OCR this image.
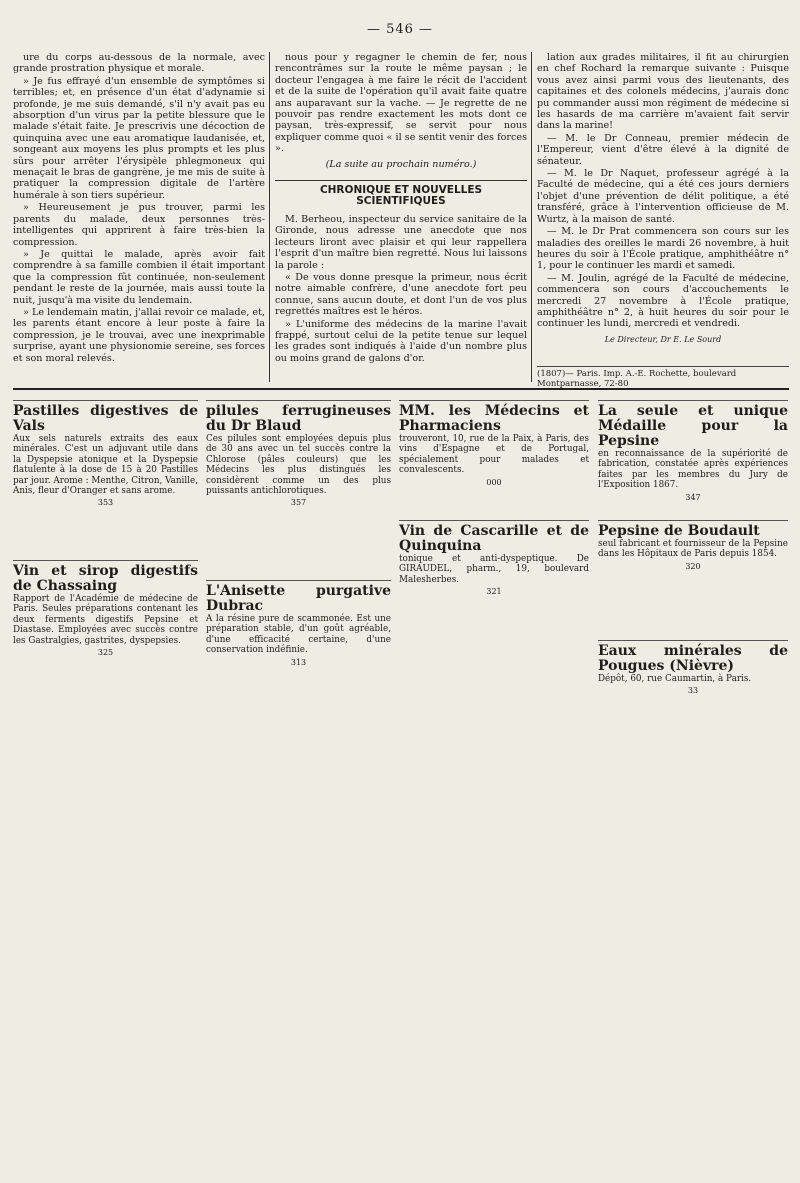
— 546 —

ure du corps au-dessous de la normale, avec grande prostration physique et morale.

» Je fus effrayé d'un ensemble de symptômes si terribles; et, en présence d'un état d'adynamie si profonde, je me suis demandé, s'il n'y avait pas eu absorption d'un virus par la petite blessure que le malade s'était faite. Je prescrivis une décoction de quinquina avec une eau aromatique laudanisée, et, songeant aux moyens les plus prompts et les plus sûrs pour arrêter l'érysipèle phlegmoneux qui menaçait le bras de gangrène, je me mis de suite à pratiquer la compression digitale de l'artère humérale à son tiers supérieur.

» Heureusement je pus trouver, parmi les parents du malade, deux personnes très-intelligentes qui apprirent à faire très-bien la compression.

» Je quittai le malade, après avoir fait comprendre à sa famille combien il était important que la compression fût continuée, non-seulement pendant le reste de la journée, mais aussi toute la nuit, jusqu'à ma visite du lendemain.

» Le lendemain matin, j'allai revoir ce malade, et, les parents étant encore à leur poste à faire la compression, je le trouvai, avec une inexprimable surprise, ayant une physionomie sereine, ses forces et son moral relevés.

nous pour y regagner le chemin de fer, nous rencontrâmes sur la route le même paysan ; le docteur l'engagea à me faire le récit de l'accident et de la suite de l'opération qu'il avait faite quatre ans auparavant sur la vache. — Je regrette de ne pouvoir pas rendre exactement les mots dont ce paysan, très-expressif, se servit pour nous expliquer comme quoi « il se sentit venir des forces ».

(La suite au prochain numéro.)
CHRONIQUE ET NOUVELLES SCIENTIFIQUES

M. Berheou, inspecteur du service sanitaire de la Gironde, nous adresse une anecdote que nos lecteurs liront avec plaisir et qui leur rappellera l'esprit d'un maître bien regretté. Nous lui laissons la parole :

« De vous donne presque la primeur, nous écrit notre aimable confrère, d'une anecdote fort peu connue, sans aucun doute, et dont l'un de vos plus regrettés maîtres est le héros.

» L'uniforme des médecins de la marine l'avait frappé, surtout celui de la petite tenue sur lequel les grades sont indiqués à l'aide d'un nombre plus ou moins grand de galons d'or.

lation aux grades militaires, il fit au chirurgien en chef Rochard la remarque suivante : Puisque vous avez ainsi parmi vous des lieutenants, des capitaines et des colonels médecins, j'aurais donc pu commander aussi mon régiment de médecine si les hasards de ma carrière m'avaient fait servir dans la marine!

— M. le Dr Conneau, premier médecin de l'Empereur, vient d'être élevé à la dignité de sénateur.

— M. le Dr Naquet, professeur agrégé à la Faculté de médecine, qui a été ces jours derniers l'objet d'une prévention de délit politique, a été transféré, grâce à l'intervention officieuse de M. Wurtz, à la maison de santé.

— M. le Dr Prat commencera son cours sur les maladies des oreilles le mardi 26 novembre, à huit heures du soir à l'École pratique, amphithéâtre n° 1, pour le continuer les mardi et samedi.

— M. Joulin, agrégé de la Faculté de médecine, commencera son cours d'accouchements le mercredi 27 novembre à l'École pratique, amphithéâtre n° 2, à huit heures du soir pour le continuer les lundi, mercredi et vendredi.

Le Directeur, Dr E. Le Sourd
(1807)— Paris. Imp. A.-E. Rochette, boulevard Montparnasse, 72-80
Pastilles digestives de Vals
Aux sels naturels extraits des eaux minérales. C'est un adjuvant utile dans la Dyspepsie atonique et la Dyspepsie flatulente à la dose de 15 à 20 Pastilles par jour. Arome : Menthe, Citron, Vanille, Anis, fleur d'Oranger et sans arome.
353
Vin et sirop digestifs de Chassaing
Rapport de l'Académie de médecine de Paris. Seules préparations contenant les deux ferments digestifs Pepsine et Diastase. Employées avec succès contre les Gastralgies, gastrites, dyspepsies.
325
pilules ferrugineuses du Dr Blaud
Ces pilules sont employées depuis plus de 30 ans avec un tel succès contre la Chlorose (pâles couleurs) que les Médecins les plus distingués les considèrent comme un des plus puissants antichlorotiques.
357
L'Anisette purgative Dubrac
A la résine pure de scammonée. Est une préparation stable, d'un goût agréable, d'une efficacité certaine, d'une conservation indéfinie.
313
MM. les Médecins et Pharmaciens
trouveront, 10, rue de la Paix, à Paris, des vins d'Espagne et de Portugal, spécialement pour malades et convalescents.
000
Vin de Cascarille et de Quinquina
tonique et anti-dyspeptique. De GIRAUDEL, pharm., 19, boulevard Malesherbes.
321
La seule et unique Médaille pour la Pepsine
en reconnaissance de la supériorité de fabrication, constatée après expériences faites par les membres du Jury de l'Exposition 1867.
347
Pepsine de Boudault
seul fabricant et fournisseur de la Pepsine dans les Hôpitaux de Paris depuis 1854.
320
Eaux minérales de Pougues (Nièvre)
Dépôt, 60, rue Caumartin, à Paris.
33
